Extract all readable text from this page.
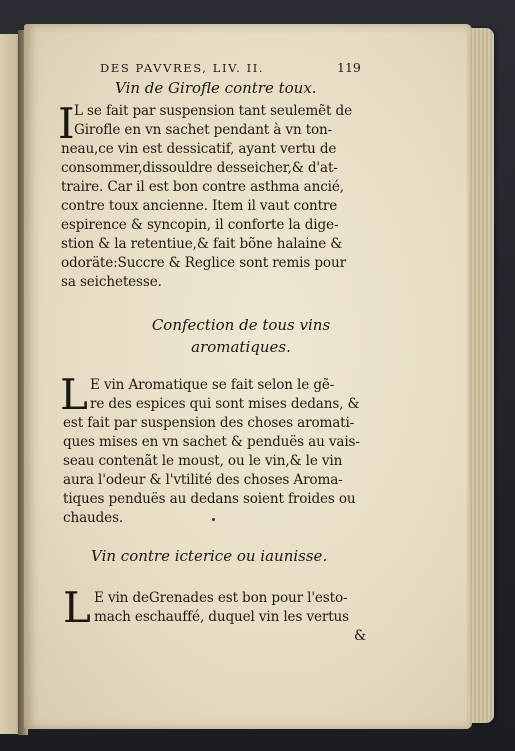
DES PAVVRES, LIV. II.	119
Vin de Girofle contre toux.
I L se fait par suspension tant seulemẽt de
Girofle en vn sachet pendant à vn ton-
neau,ce vin est dessicatif, ayant vertu de
consommer,dissouldre desseicher,& d'at-
traire. Car il est bon contre asthma ancié,
contre toux ancienne. Item il vaut contre
espirence & syncopin, il conforte la dige-
stion & la retentiue,& fait bõne halaine &
odoräte:Succre & Reglice sont remis pour
sa seichetesse.
Confection de tous vins
aromatiques.
L E vin Aromatique se fait selon le gẽ-
re des espices qui sont mises dedans, &
est fait par suspension des choses aromati-
ques mises en vn sachet & penduës au vais-
seau contenãt le moust, ou le vin,& le vin
aura l'odeur & l'vtilité des choses Aroma-
tiques penduës au dedans soient froides ou
chaudes.
Vin contre icterice ou iaunisse.
L E vin deGrenades est bon pour l'esto-
mach eschauffé, duquel vin les vertus
&
